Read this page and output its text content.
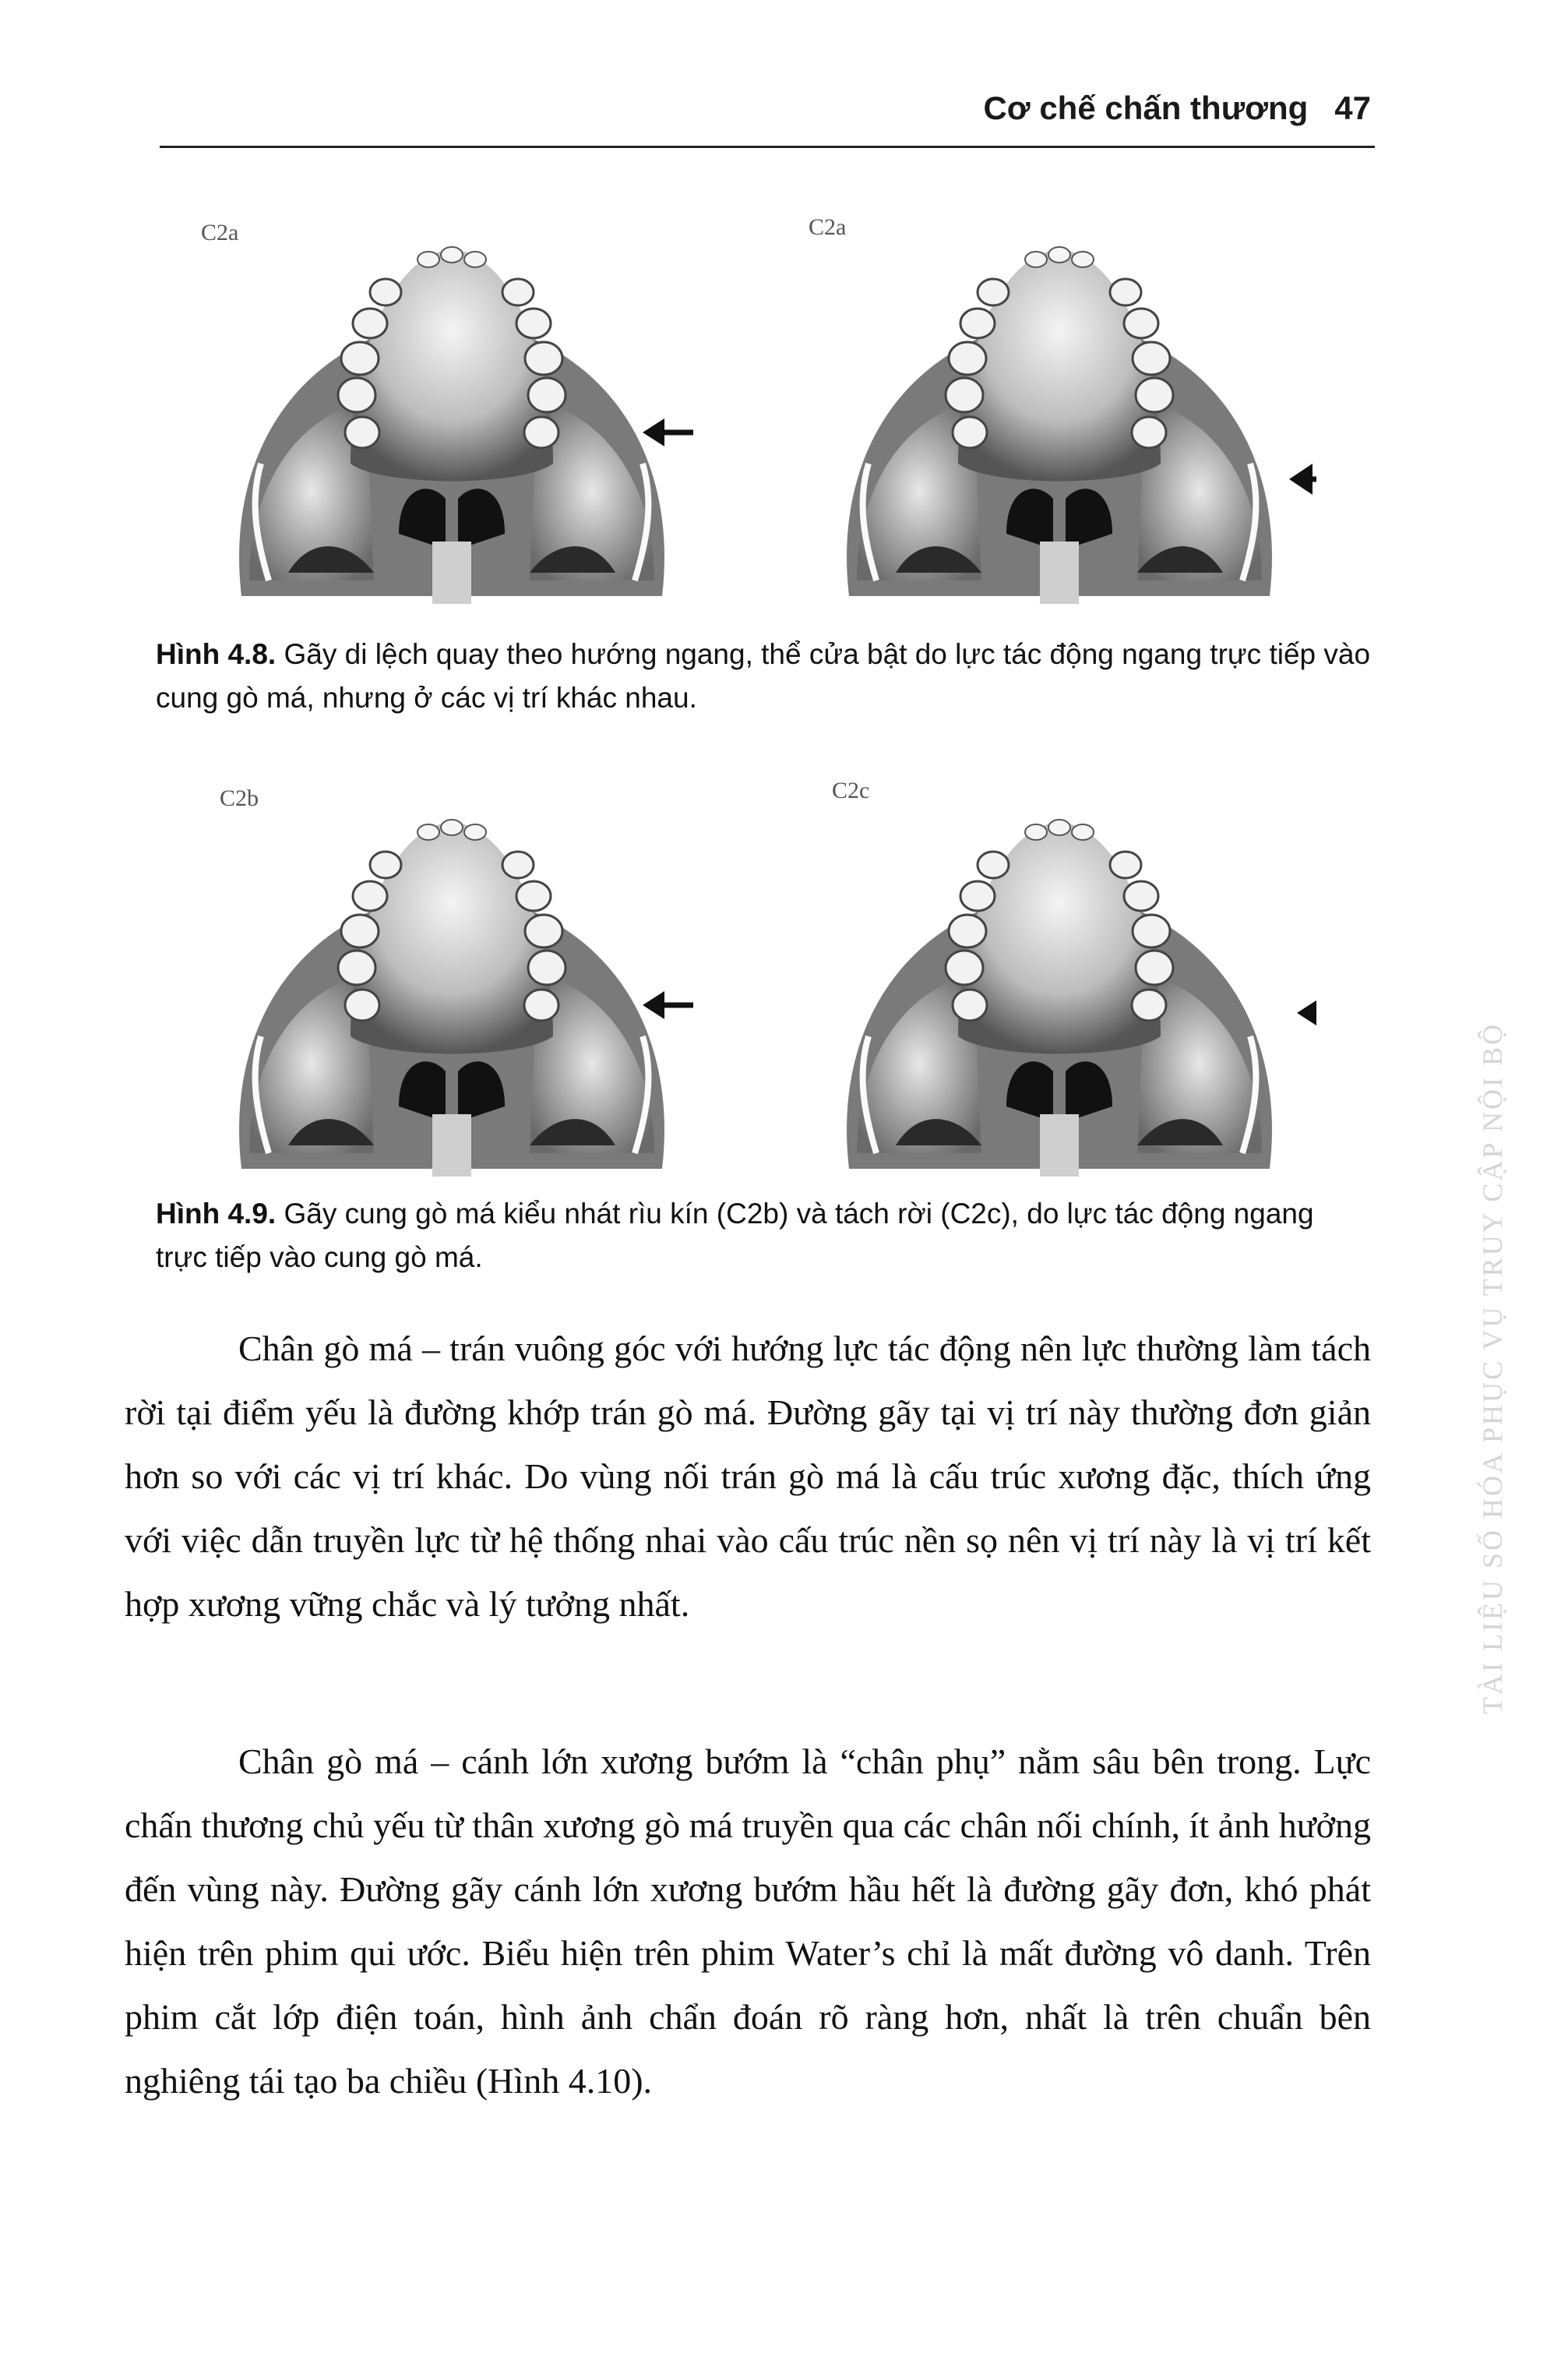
Cơ chế chấn thương 47
C2a	C2a
Hình 4.8. Gãy di lệch quay theo hướng ngang, thể cửa bật do lực tác động ngang trực tiếp vào cung gò má, nhưng ở các vị trí khác nhau.
C2b	C2c
Hình 4.9. Gãy cung gò má kiểu nhát rìu kín (C2b) và tách rời (C2c), do lực tác động ngang trực tiếp vào cung gò má.

Chân gò má – trán vuông góc với hướng lực tác động nên lực thường làm tách rời tại điểm yếu là đường khớp trán gò má. Đường gãy tại vị trí này thường đơn giản hơn so với các vị trí khác. Do vùng nối trán gò má là cấu trúc xương đặc, thích ứng với việc dẫn truyền lực từ hệ thống nhai vào cấu trúc nền sọ nên vị trí này là vị trí kết hợp xương vững chắc và lý tưởng nhất.

Chân gò má – cánh lớn xương bướm là “chân phụ” nằm sâu bên trong. Lực chấn thương chủ yếu từ thân xương gò má truyền qua các chân nối chính, ít ảnh hưởng đến vùng này. Đường gãy cánh lớn xương bướm hầu hết là đường gãy đơn, khó phát hiện trên phim qui ước. Biểu hiện trên phim Water’s chỉ là mất đường vô danh. Trên phim cắt lớp điện toán, hình ảnh chẩn đoán rõ ràng hơn, nhất là trên chuẩn bên nghiêng tái tạo ba chiều (Hình 4.10).

TÀI LIỆU SỐ HÓA PHỤC VỤ TRUY CẬP NỘI BỘ
